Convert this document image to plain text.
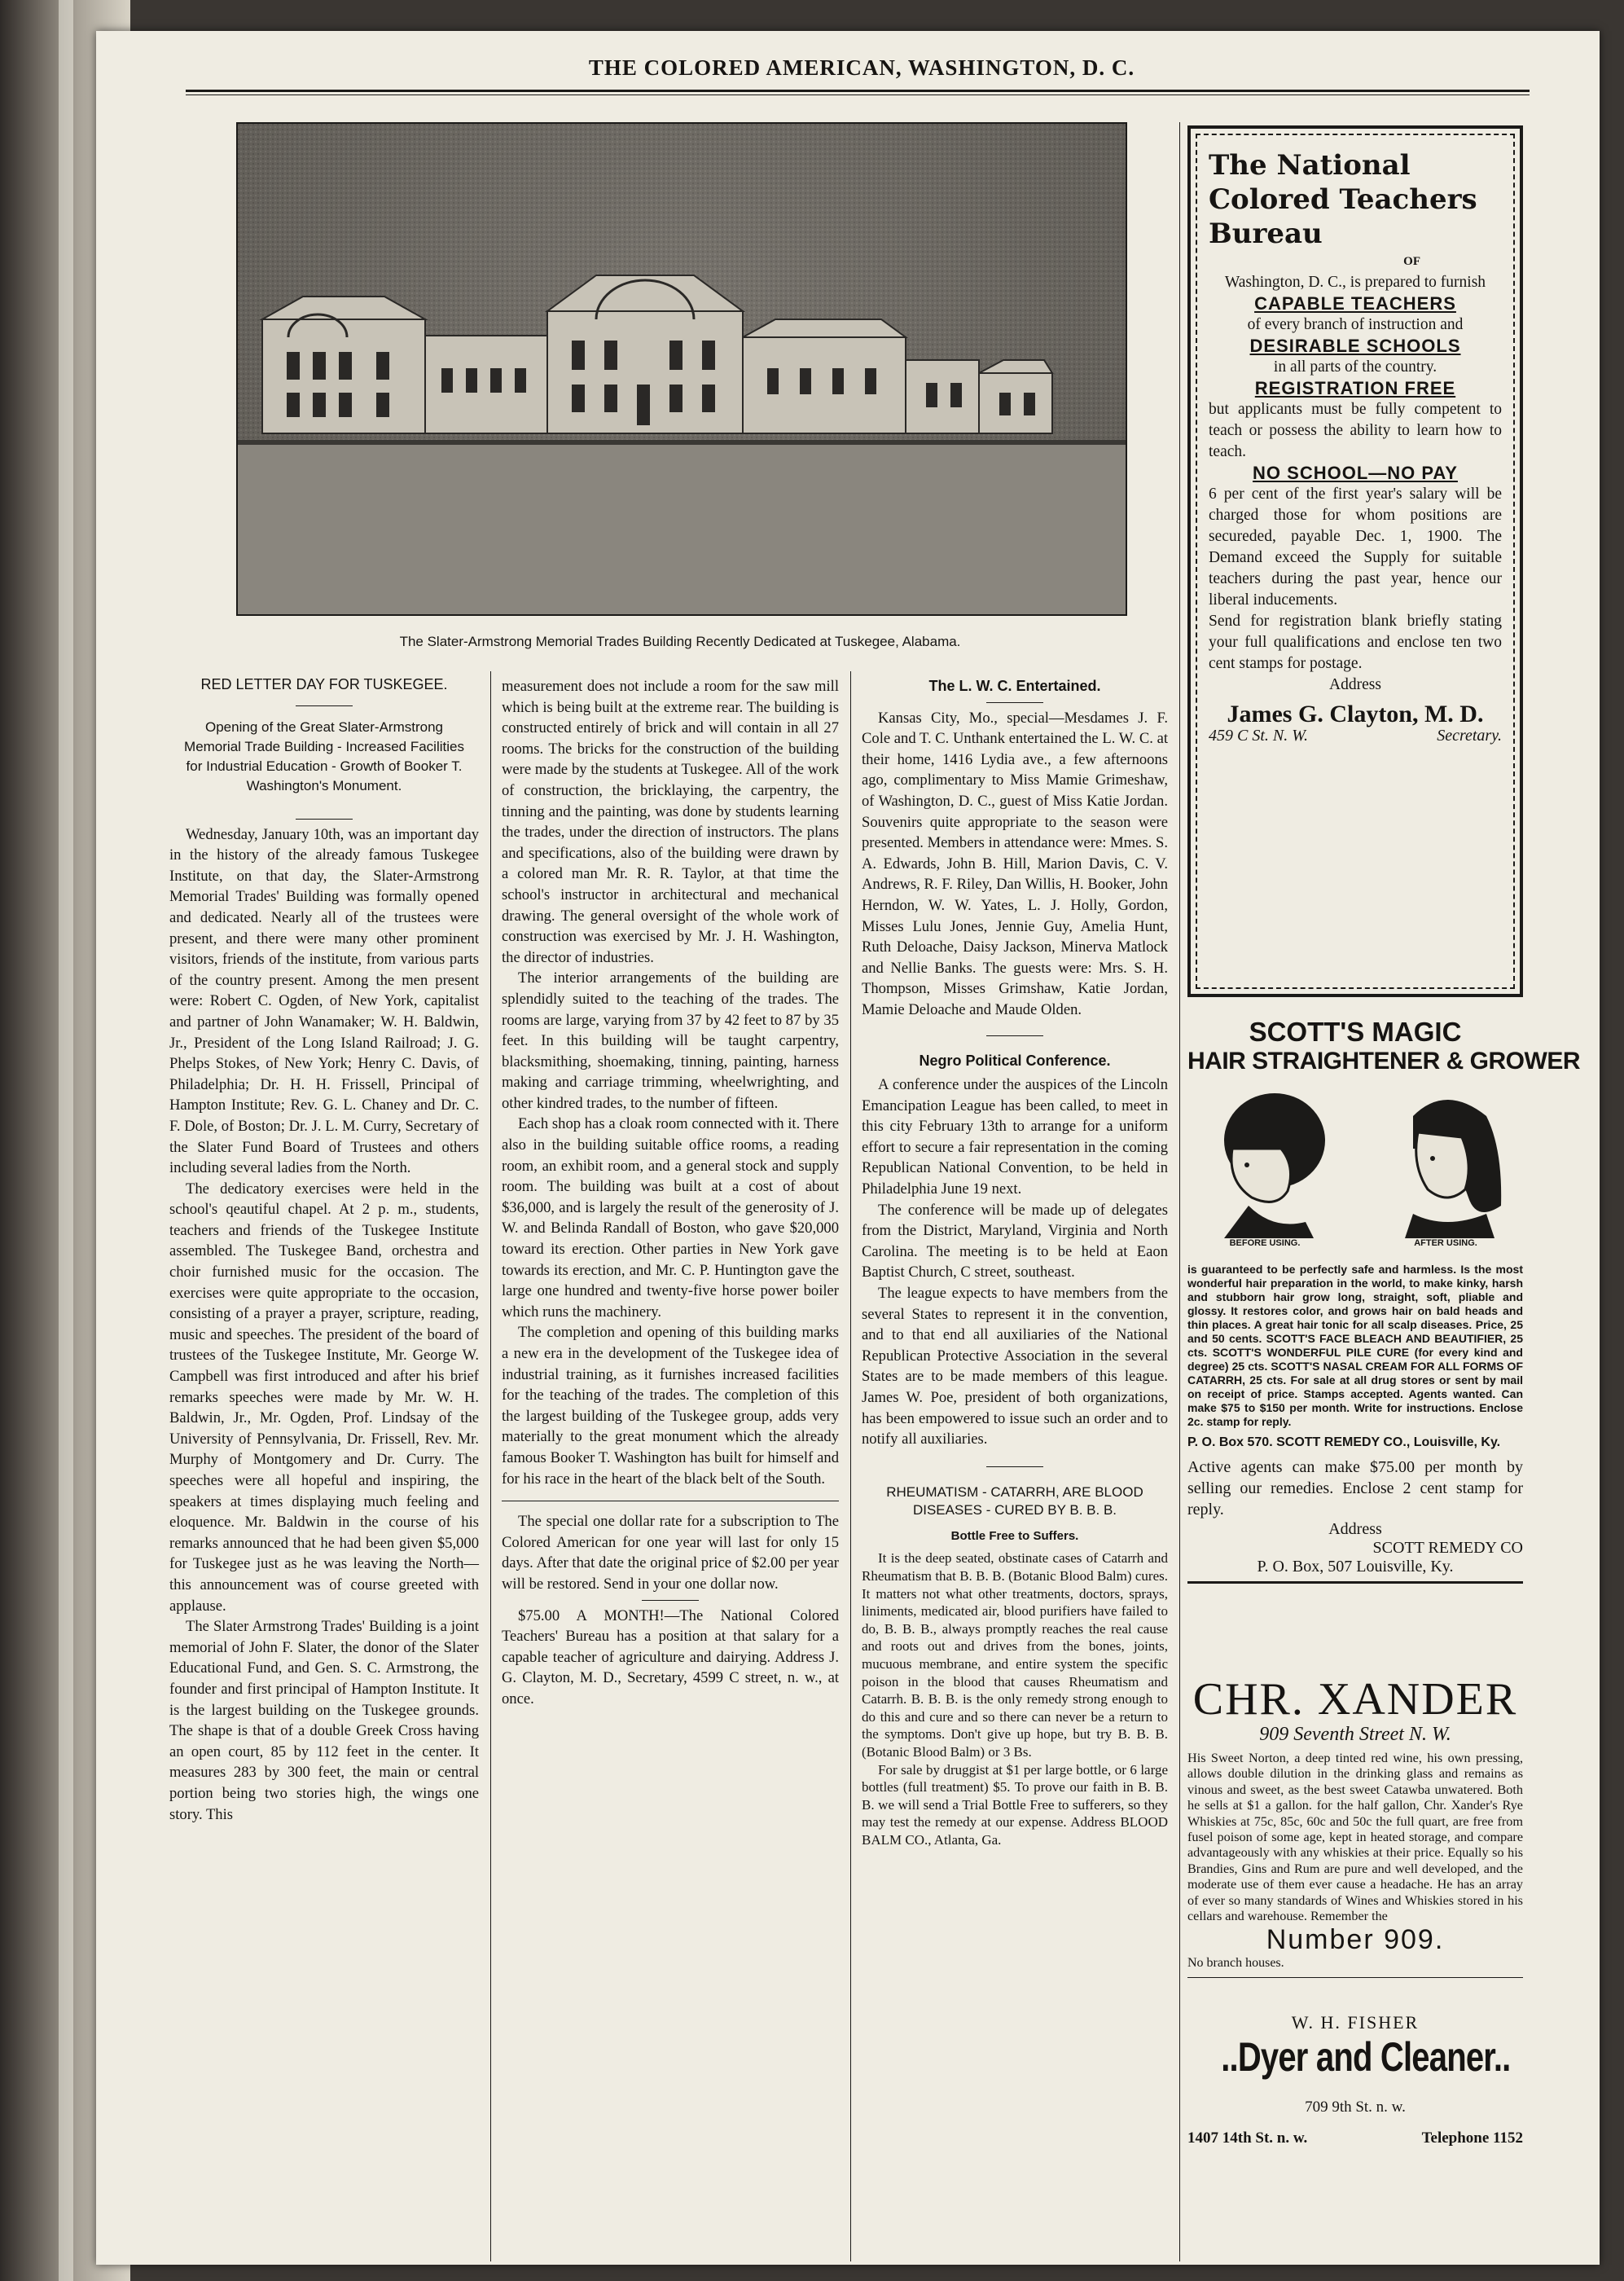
THE COLORED AMERICAN, WASHINGTON, D. C.
The Slater-Armstrong Memorial Trades Building Recently Dedicated at Tuskegee, Alabama.
RED LETTER DAY FOR TUSKEGEE.
Opening of the Great Slater-Armstrong Memorial Trade Building - Increased Facilities for Industrial Education - Growth of Booker T. Washington's Monument.

Wednesday, January 10th, was an important day in the history of the already famous Tuskegee Institute, on that day, the Slater-Armstrong Memorial Trades' Building was formally opened and dedicated. Nearly all of the trustees were present, and there were many other prominent visitors, friends of the institute, from various parts of the country present. Among the men present were: Robert C. Ogden, of New York, capitalist and partner of John Wanamaker; W. H. Baldwin, Jr., President of the Long Island Railroad; J. G. Phelps Stokes, of New York; Henry C. Davis, of Philadelphia; Dr. H. H. Frissell, Principal of Hampton Institute; Rev. G. L. Chaney and Dr. C. F. Dole, of Boston; Dr. J. L. M. Curry, Secretary of the Slater Fund Board of Trustees and others including several ladies from the North.

The dedicatory exercises were held in the school's qeautiful chapel. At 2 p. m., students, teachers and friends of the Tuskegee Institute assembled. The Tuskegee Band, orchestra and choir furnished music for the occasion. The exercises were quite appropriate to the occasion, consisting of a prayer a prayer, scripture, reading, music and speeches. The president of the board of trustees of the Tuskegee Institute, Mr. George W. Campbell was first introduced and after his brief remarks speeches were made by Mr. W. H. Baldwin, Jr., Mr. Ogden, Prof. Lindsay of the University of Pennsylvania, Dr. Frissell, Rev. Mr. Murphy of Montgomery and Dr. Curry. The speeches were all hopeful and inspiring, the speakers at times displaying much feeling and eloquence. Mr. Baldwin in the course of his remarks announced that he had been given $5,000 for Tuskegee just as he was leaving the North—this announcement was of course greeted with applause.

The Slater Armstrong Trades' Building is a joint memorial of John F. Slater, the donor of the Slater Educational Fund, and Gen. S. C. Armstrong, the founder and first principal of Hampton Institute. It is the largest building on the Tuskegee grounds. The shape is that of a double Greek Cross having an open court, 85 by 112 feet in the center. It measures 283 by 300 feet, the main or central portion being two stories high, the wings one story. This

measurement does not include a room for the saw mill which is being built at the extreme rear. The building is constructed entirely of brick and will contain in all 27 rooms. The bricks for the construction of the building were made by the students at Tuskegee. All of the work of construction, the bricklaying, the carpentry, the tinning and the painting, was done by students learning the trades, under the direction of instructors. The plans and specifications, also of the building were drawn by a colored man Mr. R. R. Taylor, at that time the school's instructor in architectural and mechanical drawing. The general oversight of the whole work of construction was exercised by Mr. J. H. Washington, the director of industries.

The interior arrangements of the building are splendidly suited to the teaching of the trades. The rooms are large, varying from 37 by 42 feet to 87 by 35 feet. In this building will be taught carpentry, blacksmithing, shoemaking, tinning, painting, harness making and carriage trimming, wheelwrighting, and other kindred trades, to the number of fifteen.

Each shop has a cloak room connected with it. There also in the building suitable office rooms, a reading room, an exhibit room, and a general stock and supply room. The building was built at a cost of about $36,000, and is largely the result of the generosity of J. W. and Belinda Randall of Boston, who gave $20,000 toward its erection. Other parties in New York gave towards its erection, and Mr. C. P. Huntington gave the large one hundred and twenty-five horse power boiler which runs the machinery.

The completion and opening of this building marks a new era in the development of the Tuskegee idea of industrial training, as it furnishes increased facilities for the teaching of the trades. The completion of this the largest building of the Tuskegee group, adds very materially to the great monument which the already famous Booker T. Washington has built for himself and for his race in the heart of the black belt of the South.

The special one dollar rate for a subscription to The Colored American for one year will last for only 15 days. After that date the original price of $2.00 per year will be restored. Send in your one dollar now.

$75.00 A MONTH!—The National Colored Teachers' Bureau has a position at that salary for a capable teacher of agriculture and dairying. Address J. G. Clayton, M. D., Secretary, 4599 C street, n. w., at once.

The L. W. C. Entertained.

Kansas City, Mo., special—Mesdames J. F. Cole and T. C. Unthank entertained the L. W. C. at their home, 1416 Lydia ave., a few afternoons ago, complimentary to Miss Mamie Grimeshaw, of Washington, D. C., guest of Miss Katie Jordan. Souvenirs quite appropriate to the season were presented. Members in attendance were: Mmes. S. A. Edwards, John B. Hill, Marion Davis, C. V. Andrews, R. F. Riley, Dan Willis, H. Booker, John Herndon, W. W. Yates, L. J. Holly, Gordon, Misses Lulu Jones, Jennie Guy, Amelia Hunt, Ruth Deloache, Daisy Jackson, Minerva Matlock and Nellie Banks. The guests were: Mrs. S. H. Thompson, Misses Grimshaw, Katie Jordan, Mamie Deloache and Maude Olden.

Negro Political Conference.

A conference under the auspices of the Lincoln Emancipation League has been called, to meet in this city February 13th to arrange for a uniform effort to secure a fair representation in the coming Republican National Convention, to be held in Philadelphia June 19 next.

The conference will be made up of delegates from the District, Maryland, Virginia and North Carolina. The meeting is to be held at Eaon Baptist Church, C street, southeast.

The league expects to have members from the several States to represent it in the convention, and to that end all auxiliaries of the National Republican Protective Association in the several States are to be made members of this league. James W. Poe, president of both organizations, has been empowered to issue such an order and to notify all auxiliaries.

RHEUMATISM - CATARRH, ARE BLOOD DISEASES - CURED BY B. B. B.
Bottle Free to Suffers.

It is the deep seated, obstinate cases of Catarrh and Rheumatism that B. B. B. (Botanic Blood Balm) cures. It matters not what other treatments, doctors, sprays, liniments, medicated air, blood purifiers have failed to do, B. B. B., always promptly reaches the real cause and roots out and drives from the bones, joints, mucuous membrane, and entire system the specific poison in the blood that causes Rheumatism and Catarrh. B. B. B. is the only remedy strong enough to do this and cure and so there can never be a return to the symptoms. Don't give up hope, but try B. B. B. (Botanic Blood Balm) or 3 Bs.

For sale by druggist at $1 per large bottle, or 6 large bottles (full treatment) $5. To prove our faith in B. B. B. we will send a Trial Bottle Free to sufferers, so they may test the remedy at our expense. Address BLOOD BALM CO., Atlanta, Ga.

The National Colored Teachers Bureau
OF
Washington, D. C., is prepared to furnish
CAPABLE TEACHERS
of every branch of instruction and
DESIRABLE SCHOOLS
in all parts of the country.
REGISTRATION FREE
but applicants must be fully competent to teach or possess the ability to learn how to teach.
NO SCHOOL—NO PAY
6 per cent of the first year's salary will be charged those for whom positions are secureded, payable Dec. 1, 1900. The Demand exceed the Supply for suitable teachers during the past year, hence our liberal inducements.
Send for registration blank briefly stating your full qualifications and enclose ten two cent stamps for postage.
Address
James G. Clayton, M. D.
459 C St. N. W.	Secretary.
SCOTT'S MAGIC
HAIR STRAIGHTENER & GROWER
BEFORE USING.	AFTER USING.
is guaranteed to be perfectly safe and harmless. Is the most wonderful hair preparation in the world, to make kinky, harsh and stubborn hair grow long, straight, soft, pliable and glossy. It restores color, and grows hair on bald heads and thin places. A great hair tonic for all scalp diseases. Price, 25 and 50 cents. SCOTT'S FACE BLEACH AND BEAUTIFIER, 25 cts. SCOTT'S WONDERFUL PILE CURE (for every kind and degree) 25 cts. SCOTT'S NASAL CREAM FOR ALL FORMS OF CATARRH, 25 cts. For sale at all drug stores or sent by mail on receipt of price. Stamps accepted. Agents wanted. Can make $75 to $150 per month. Write for instructions. Enclose 2c. stamp for reply.
P. O. Box 570. SCOTT REMEDY CO., Louisville, Ky.
Active agents can make $75.00 per month by selling our remedies. Enclose 2 cent stamp for reply.
Address
SCOTT REMEDY CO
P. O. Box, 507 Louisville, Ky.
CHR. XANDER
909 Seventh Street N. W.
His Sweet Norton, a deep tinted red wine, his own pressing, allows double dilution in the drinking glass and remains as vinous and sweet, as the best sweet Catawba unwatered. Both he sells at $1 a gallon. for the half gallon, Chr. Xander's Rye Whiskies at 75c, 85c, 60c and 50c the full quart, are free from fusel poison of some age, kept in heated storage, and compare advantageously with any whiskies at their price. Equally so his Brandies, Gins and Rum are pure and well developed, and the moderate use of them ever cause a headache. He has an array of ever so many standards of Wines and Whiskies stored in his cellars and warehouse. Remember the
Number 909.
No branch houses.
W. H. FISHER
..Dyer and Cleaner..
709 9th St. n. w.
1407 14th St. n. w.	Telephone 1152
